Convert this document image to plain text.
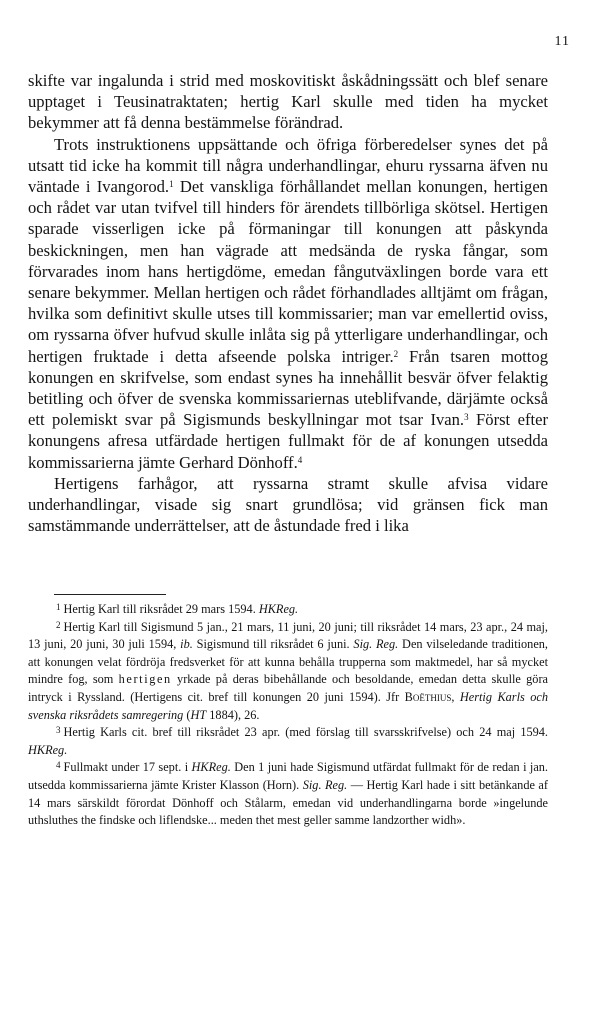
11

skifte var ingalunda i strid med moskovitiskt åskådningssätt och blef senare upptaget i Teusinatraktaten; hertig Karl skulle med tiden ha mycket bekymmer att få denna bestämmelse förändrad.

Trots instruktionens uppsättande och öfriga förberedelser synes det på utsatt tid icke ha kommit till några underhandlingar, ehuru ryssarna äfven nu väntade i Ivangorod.$^1$ Det vanskliga förhållandet mellan konungen, hertigen och rådet var utan tvifvel till hinders för ärendets tillbörliga skötsel. Hertigen sparade visserligen icke på förmaningar till konungen att påskynda beskickningen, men han vägrade att medsända de ryska fångar, som förvarades inom hans hertigdöme, emedan fångutväxlingen borde vara ett senare bekymmer. Mellan hertigen och rådet förhandlades alltjämt om frågan, hvilka som definitivt skulle utses till kommissarier; man var emellertid oviss, om ryssarna öfver hufvud skulle inlåta sig på ytterligare underhandlingar, och hertigen fruktade i detta afseende polska intriger.$^2$ Från tsaren mottog konungen en skrifvelse, som endast synes ha innehållit besvär öfver felaktig betitling och öfver de svenska kommissariernas uteblifvande, därjämte också ett polemiskt svar på Sigismunds beskyllningar mot tsar Ivan.$^3$ Först efter konungens afresa utfärdade hertigen fullmakt för de af konungen utsedda kommissarierna jämte Gerhard Dönhoff.$^4$

Hertigens farhågor, att ryssarna stramt skulle afvisa vidare underhandlingar, visade sig snart grundlösa; vid gränsen fick man samstämmande underrättelser, att de åstundade fred i lika

$^1$ Hertig Karl till riksrådet 29 mars 1594. HKReg.

$^2$ Hertig Karl till Sigismund 5 jan., 21 mars, 11 juni, 20 juni; till riksrådet 14 mars, 23 apr., 24 maj, 13 juni, 20 juni, 30 juli 1594, ib. Sigismund till riksrådet 6 juni. Sig. Reg. Den vilseledande traditionen, att konungen velat fördröja fredsverket för att kunna behålla trupperna som maktmedel, har så mycket mindre fog, som hertigen yrkade på deras bibehållande och besoldande, emedan detta skulle göra intryck i Ryssland. (Hertigens cit. bref till konungen 20 juni 1594). Jfr Boëthius, Hertig Karls och svenska riksrådets samregering (HT 1884), 26.

$^3$ Hertig Karls cit. bref till riksrådet 23 apr. (med förslag till svarsskrifvelse) och 24 maj 1594. HKReg.

$^4$ Fullmakt under 17 sept. i HKReg. Den 1 juni hade Sigismund utfärdat fullmakt för de redan i jan. utsedda kommissarierna jämte Krister Klasson (Horn). Sig. Reg. — Hertig Karl hade i sitt betänkande af 14 mars särskildt förordat Dönhoff och Stålarm, emedan vid underhandlingarna borde »ingelunde uthsluthes the findske och liflendske... meden thet mest geller samme landzorther widh».
